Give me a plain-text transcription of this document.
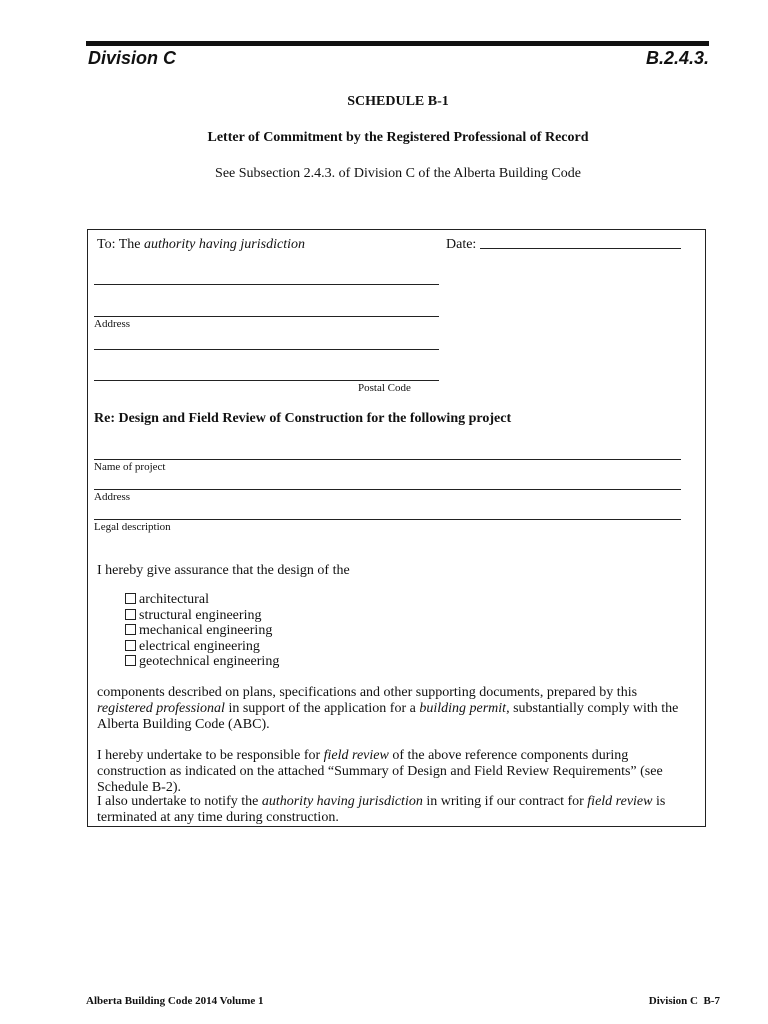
Division C	B.2.4.3.
SCHEDULE B-1
Letter of Commitment by the Registered Professional of Record
See Subsection 2.4.3. of Division C of the Alberta Building Code
To: The authority having jurisdiction	Date:
Address
Postal Code
Re: Design and Field Review of Construction for the following project
Name of project
Address
Legal description
I hereby give assurance that the design of the
architectural
structural engineering
mechanical engineering
electrical engineering
geotechnical engineering
components described on plans, specifications and other supporting documents, prepared by this registered professional in support of the application for a building permit, substantially comply with the Alberta Building Code (ABC).
I hereby undertake to be responsible for field review of the above reference components during construction as indicated on the attached “Summary of Design and Field Review Requirements” (see Schedule B-2).
I also undertake to notify the authority having jurisdiction in writing if our contract for field review is terminated at any time during construction.
Alberta Building Code 2014 Volume 1	Division C  B-7
